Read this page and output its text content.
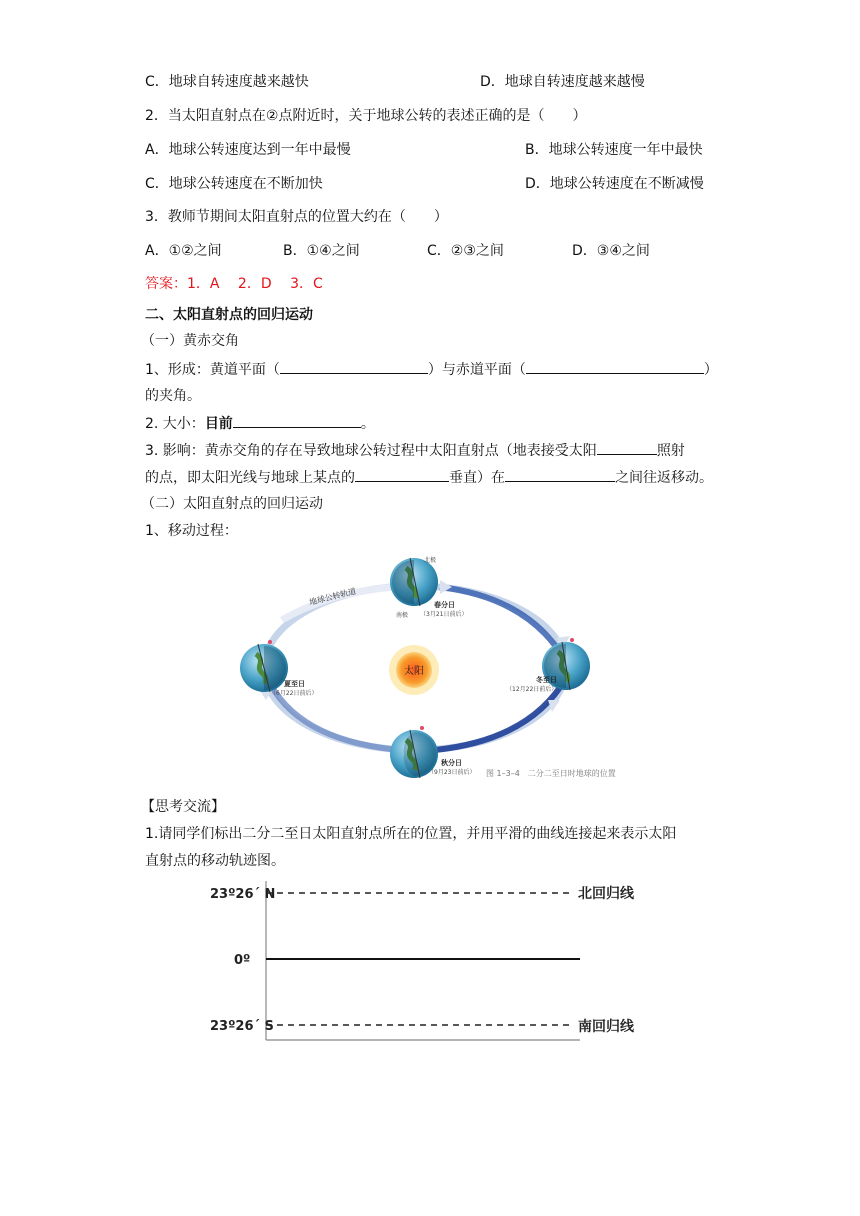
C．地球自转速度越来越快	D．地球自转速度越来越慢
2．当太阳直射点在②点附近时，关于地球公转的表述正确的是（　　）
A．地球公转速度达到一年中最慢	B．地球公转速度一年中最快
C．地球公转速度在不断加快	D．地球公转速度在不断减慢
3．教师节期间太阳直射点的位置大约在（　　）
A．①②之间	B．①④之间	C．②③之间	D．③④之间
答案：1．A　 2．D　 3．C
二、太阳直射点的回归运动
（一）黄赤交角
1、形成：黄道平面（	）与赤道平面（	）
的夹角。
2. 大小：目前	。
3. 影响：黄赤交角的存在导致地球公转过程中太阳直射点（地表接受太阳	照射
的点，即太阳光线与地球上某点的	垂直）在	之间往返移动。
（二）太阳直射点的回归运动
1、移动过程：
地球公转轨道
太阳
北极
南极
春分日
（3月21日前后）
夏至日
（6月22日前后）
冬至日
（12月22日前后）
秋分日
（9月23日前后） 图 1–3–4　二分二至日时地球的位置
【思考交流】
1.请同学们标出二分二至日太阳直射点所在的位置，并用平滑的曲线连接起来表示太阳
直射点的移动轨迹图。
23º26´ N
0º
23º26´ S
北回归线
南回归线
